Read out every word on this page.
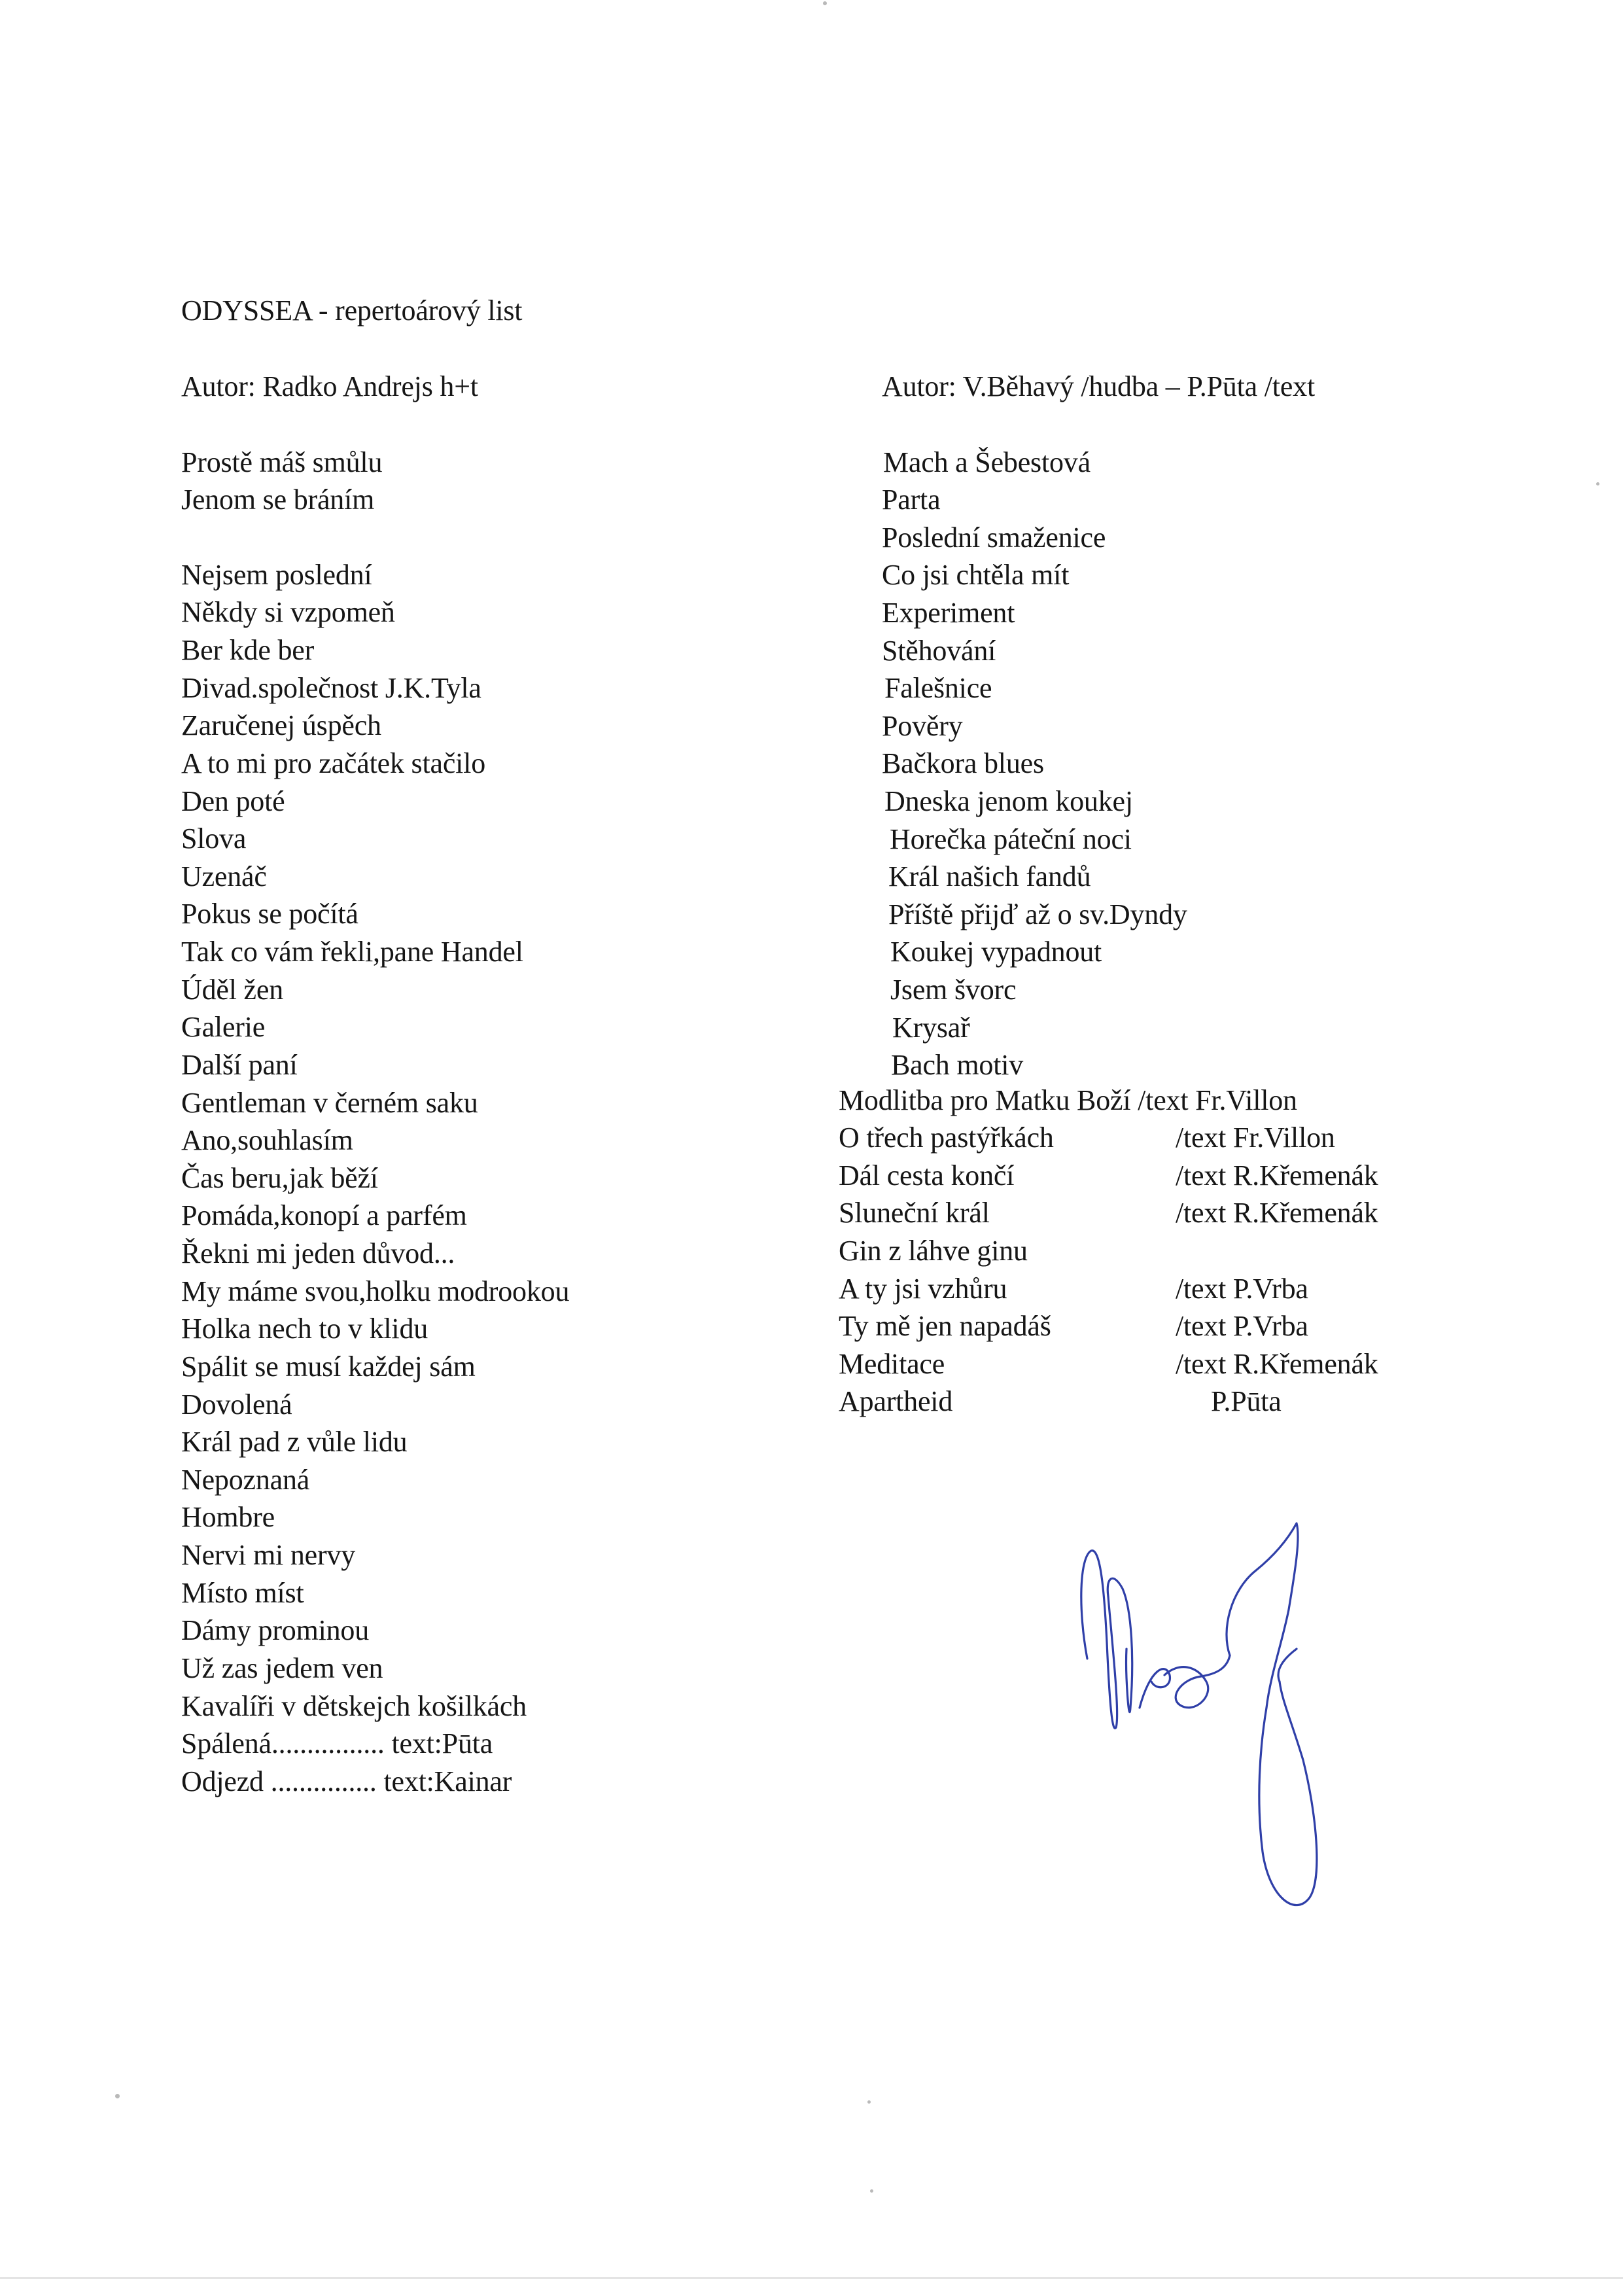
ODYSSEA - repertoárový list
Autor: Radko Andrejs h+t	Autor: V.Běhavý /hudba – P.Pūta /text
Prostě máš smůlu
Jenom se bráním
Nejsem poslední
Někdy si vzpomeň
Ber kde ber
Divad.společnost J.K.Tyla
Zaručenej úspěch
A to mi pro začátek stačilo
Den poté
Slova
Uzenáč
Pokus se počítá
Tak co vám řekli,pane Handel
Úděl žen
Galerie
Další paní
Gentleman v černém saku
Ano,souhlasím
Čas beru,jak běží
Pomáda,konopí a parfém
Řekni mi jeden důvod...
My máme svou,holku modrookou
Holka nech to v klidu
Spálit se musí každej sám
Dovolená
Král pad z vůle lidu
Nepoznaná
Hombre
Nervi mi nervy
Místo míst
Dámy prominou
Už zas jedem ven
Kavalíři v dětskejch košilkách
Spálená................ text:Pūta
Odjezd ............... text:Kainar
Mach a Šebestová
Parta
Poslední smaženice
Co jsi chtěla mít
Experiment
Stěhování
Falešnice
Pověry
Bačkora blues
Dneska jenom koukej
Horečka páteční noci
Král našich fandů
Příště přijď až o sv.Dyndy
Koukej vypadnout
Jsem švorc
Krysař
Bach motiv
Modlitba pro Matku Boží /text Fr.Villon
O třech pastýřkách	/text Fr.Villon
Dál cesta končí	/text R.Křemenák
Sluneční král	/text R.Křemenák
Gin z láhve ginu
A ty jsi vzhůru	/text P.Vrba
Ty mě jen napadáš	/text P.Vrba
Meditace	/text R.Křemenák
Apartheid	P.Pūta
